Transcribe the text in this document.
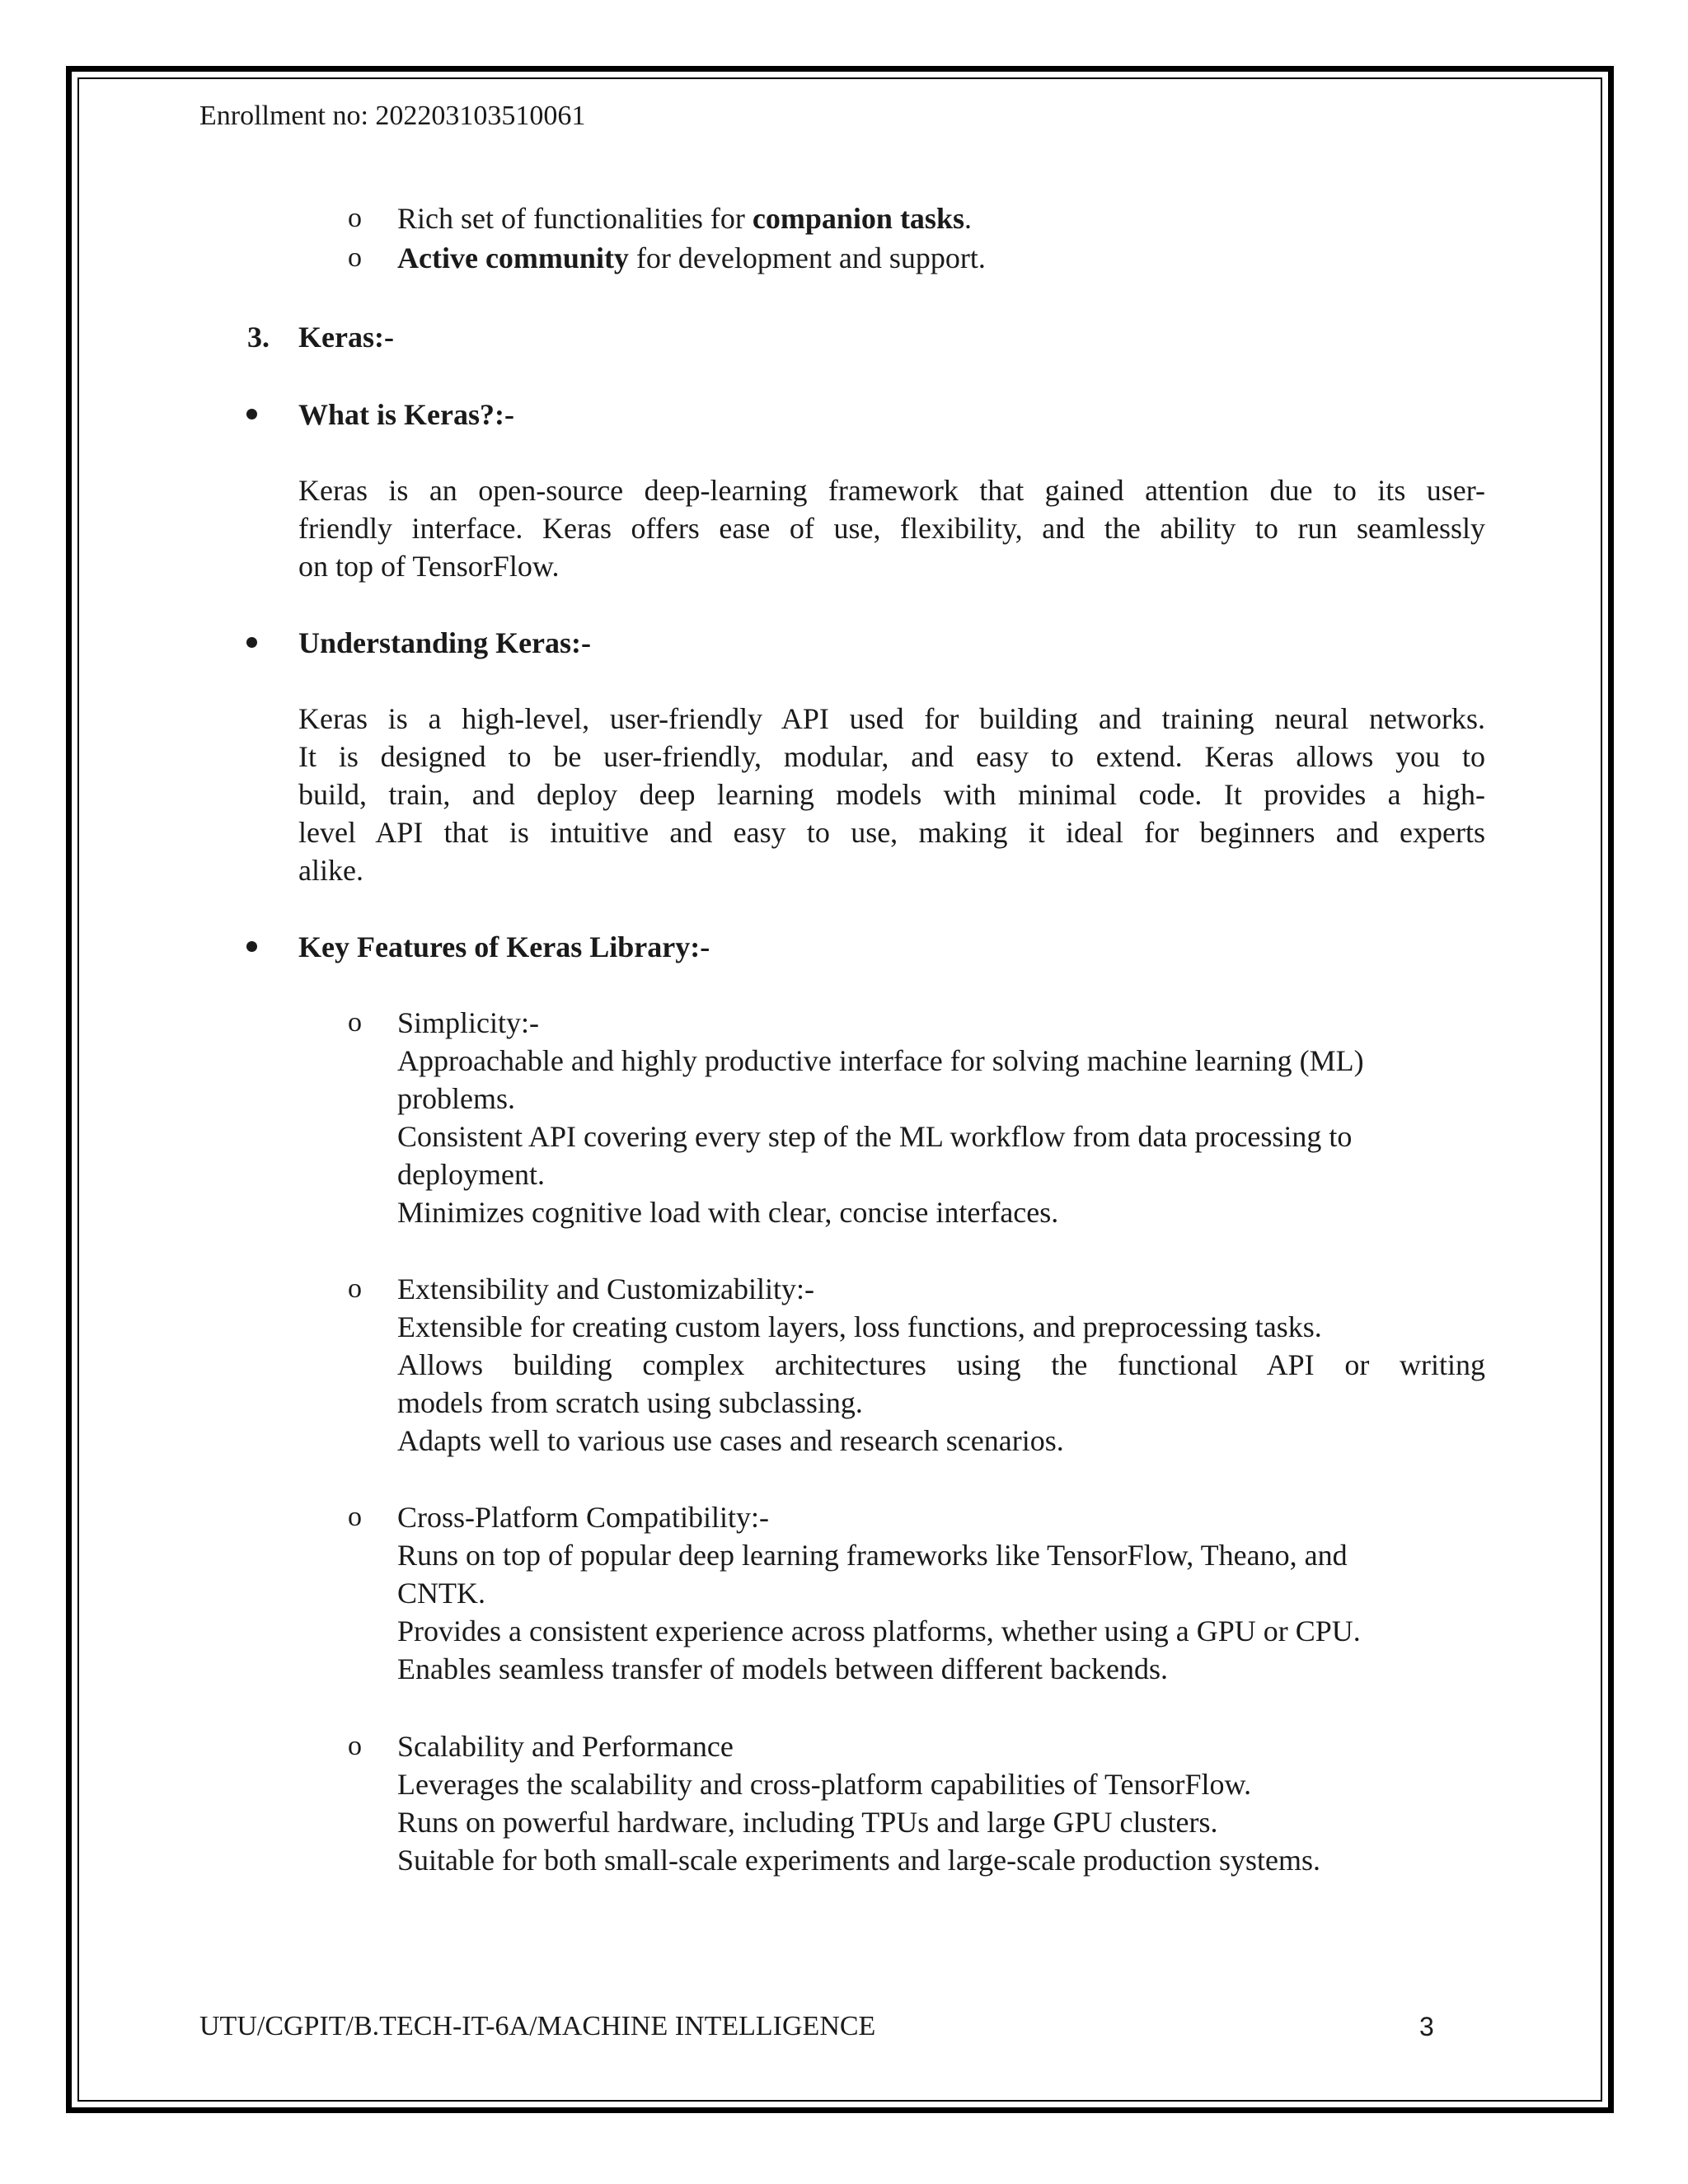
Enrollment no: 202203103510061
o Rich set of functionalities for companion tasks.
o Active community for development and support.
3. Keras:-
What is Keras?:-
Keras is an open-source deep-learning framework that gained attention due to its user-
friendly interface. Keras offers ease of use, flexibility, and the ability to run seamlessly
on top of TensorFlow.
Understanding Keras:-
Keras is a high-level, user-friendly API used for building and training neural networks.
It is designed to be user-friendly, modular, and easy to extend. Keras allows you to
build, train, and deploy deep learning models with minimal code. It provides a high-
level API that is intuitive and easy to use, making it ideal for beginners and experts
alike.
Key Features of Keras Library:-
o Simplicity:-
Approachable and highly productive interface for solving machine learning (ML)
problems.
Consistent API covering every step of the ML workflow from data processing to
deployment.
Minimizes cognitive load with clear, concise interfaces.
o Extensibility and Customizability:-
Extensible for creating custom layers, loss functions, and preprocessing tasks.
Allows building complex architectures using the functional API or writing
models from scratch using subclassing.
Adapts well to various use cases and research scenarios.
o Cross-Platform Compatibility:-
Runs on top of popular deep learning frameworks like TensorFlow, Theano, and
CNTK.
Provides a consistent experience across platforms, whether using a GPU or CPU.
Enables seamless transfer of models between different backends.
o Scalability and Performance
Leverages the scalability and cross-platform capabilities of TensorFlow.
Runs on powerful hardware, including TPUs and large GPU clusters.
Suitable for both small-scale experiments and large-scale production systems.
UTU/CGPIT/B.TECH-IT-6A/MACHINE INTELLIGENCE	3
